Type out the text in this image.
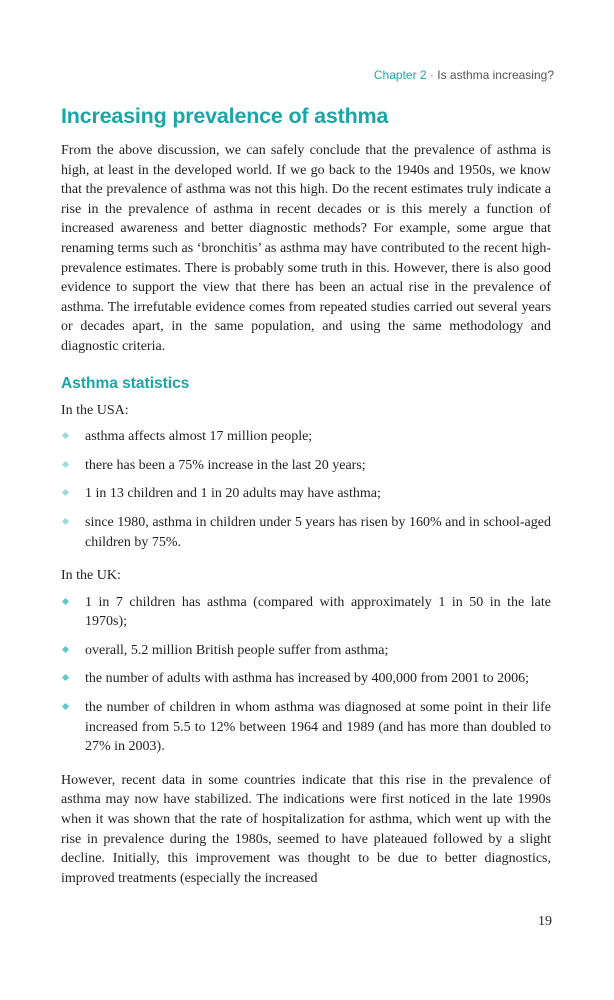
Chapter 2 · Is asthma increasing?
Increasing prevalence of asthma

From the above discussion, we can safely conclude that the prevalence of asthma is high, at least in the developed world. If we go back to the 1940s and 1950s, we know that the prevalence of asthma was not this high. Do the recent estimates truly indicate a rise in the prevalence of asthma in recent decades or is this merely a function of increased awareness and better diagnostic methods? For example, some argue that renaming terms such as ‘bronchitis’ as asthma may have contributed to the recent high-prevalence estimates. There is probably some truth in this. However, there is also good evidence to support the view that there has been an actual rise in the prevalence of asthma. The irrefutable evidence comes from repeated studies carried out several years or decades apart, in the same population, and using the same methodology and diagnostic criteria.

Asthma statistics

In the USA:

asthma affects almost 17 million people;
there has been a 75% increase in the last 20 years;
1 in 13 children and 1 in 20 adults may have asthma;
since 1980, asthma in children under 5 years has risen by 160% and in school-aged children by 75%.

In the UK:

1 in 7 children has asthma (compared with approximately 1 in 50 in the late 1970s);
overall, 5.2 million British people suffer from asthma;
the number of adults with asthma has increased by 400,000 from 2001 to 2006;
the number of children in whom asthma was diagnosed at some point in their life increased from 5.5 to 12% between 1964 and 1989 (and has more than doubled to 27% in 2003).

However, recent data in some countries indicate that this rise in the prevalence of asthma may now have stabilized. The indications were first noticed in the late 1990s when it was shown that the rate of hospitalization for asthma, which went up with the rise in prevalence during the 1980s, seemed to have plateaued followed by a slight decline. Initially, this improvement was thought to be due to better diagnostics, improved treatments (especially the increased

19
